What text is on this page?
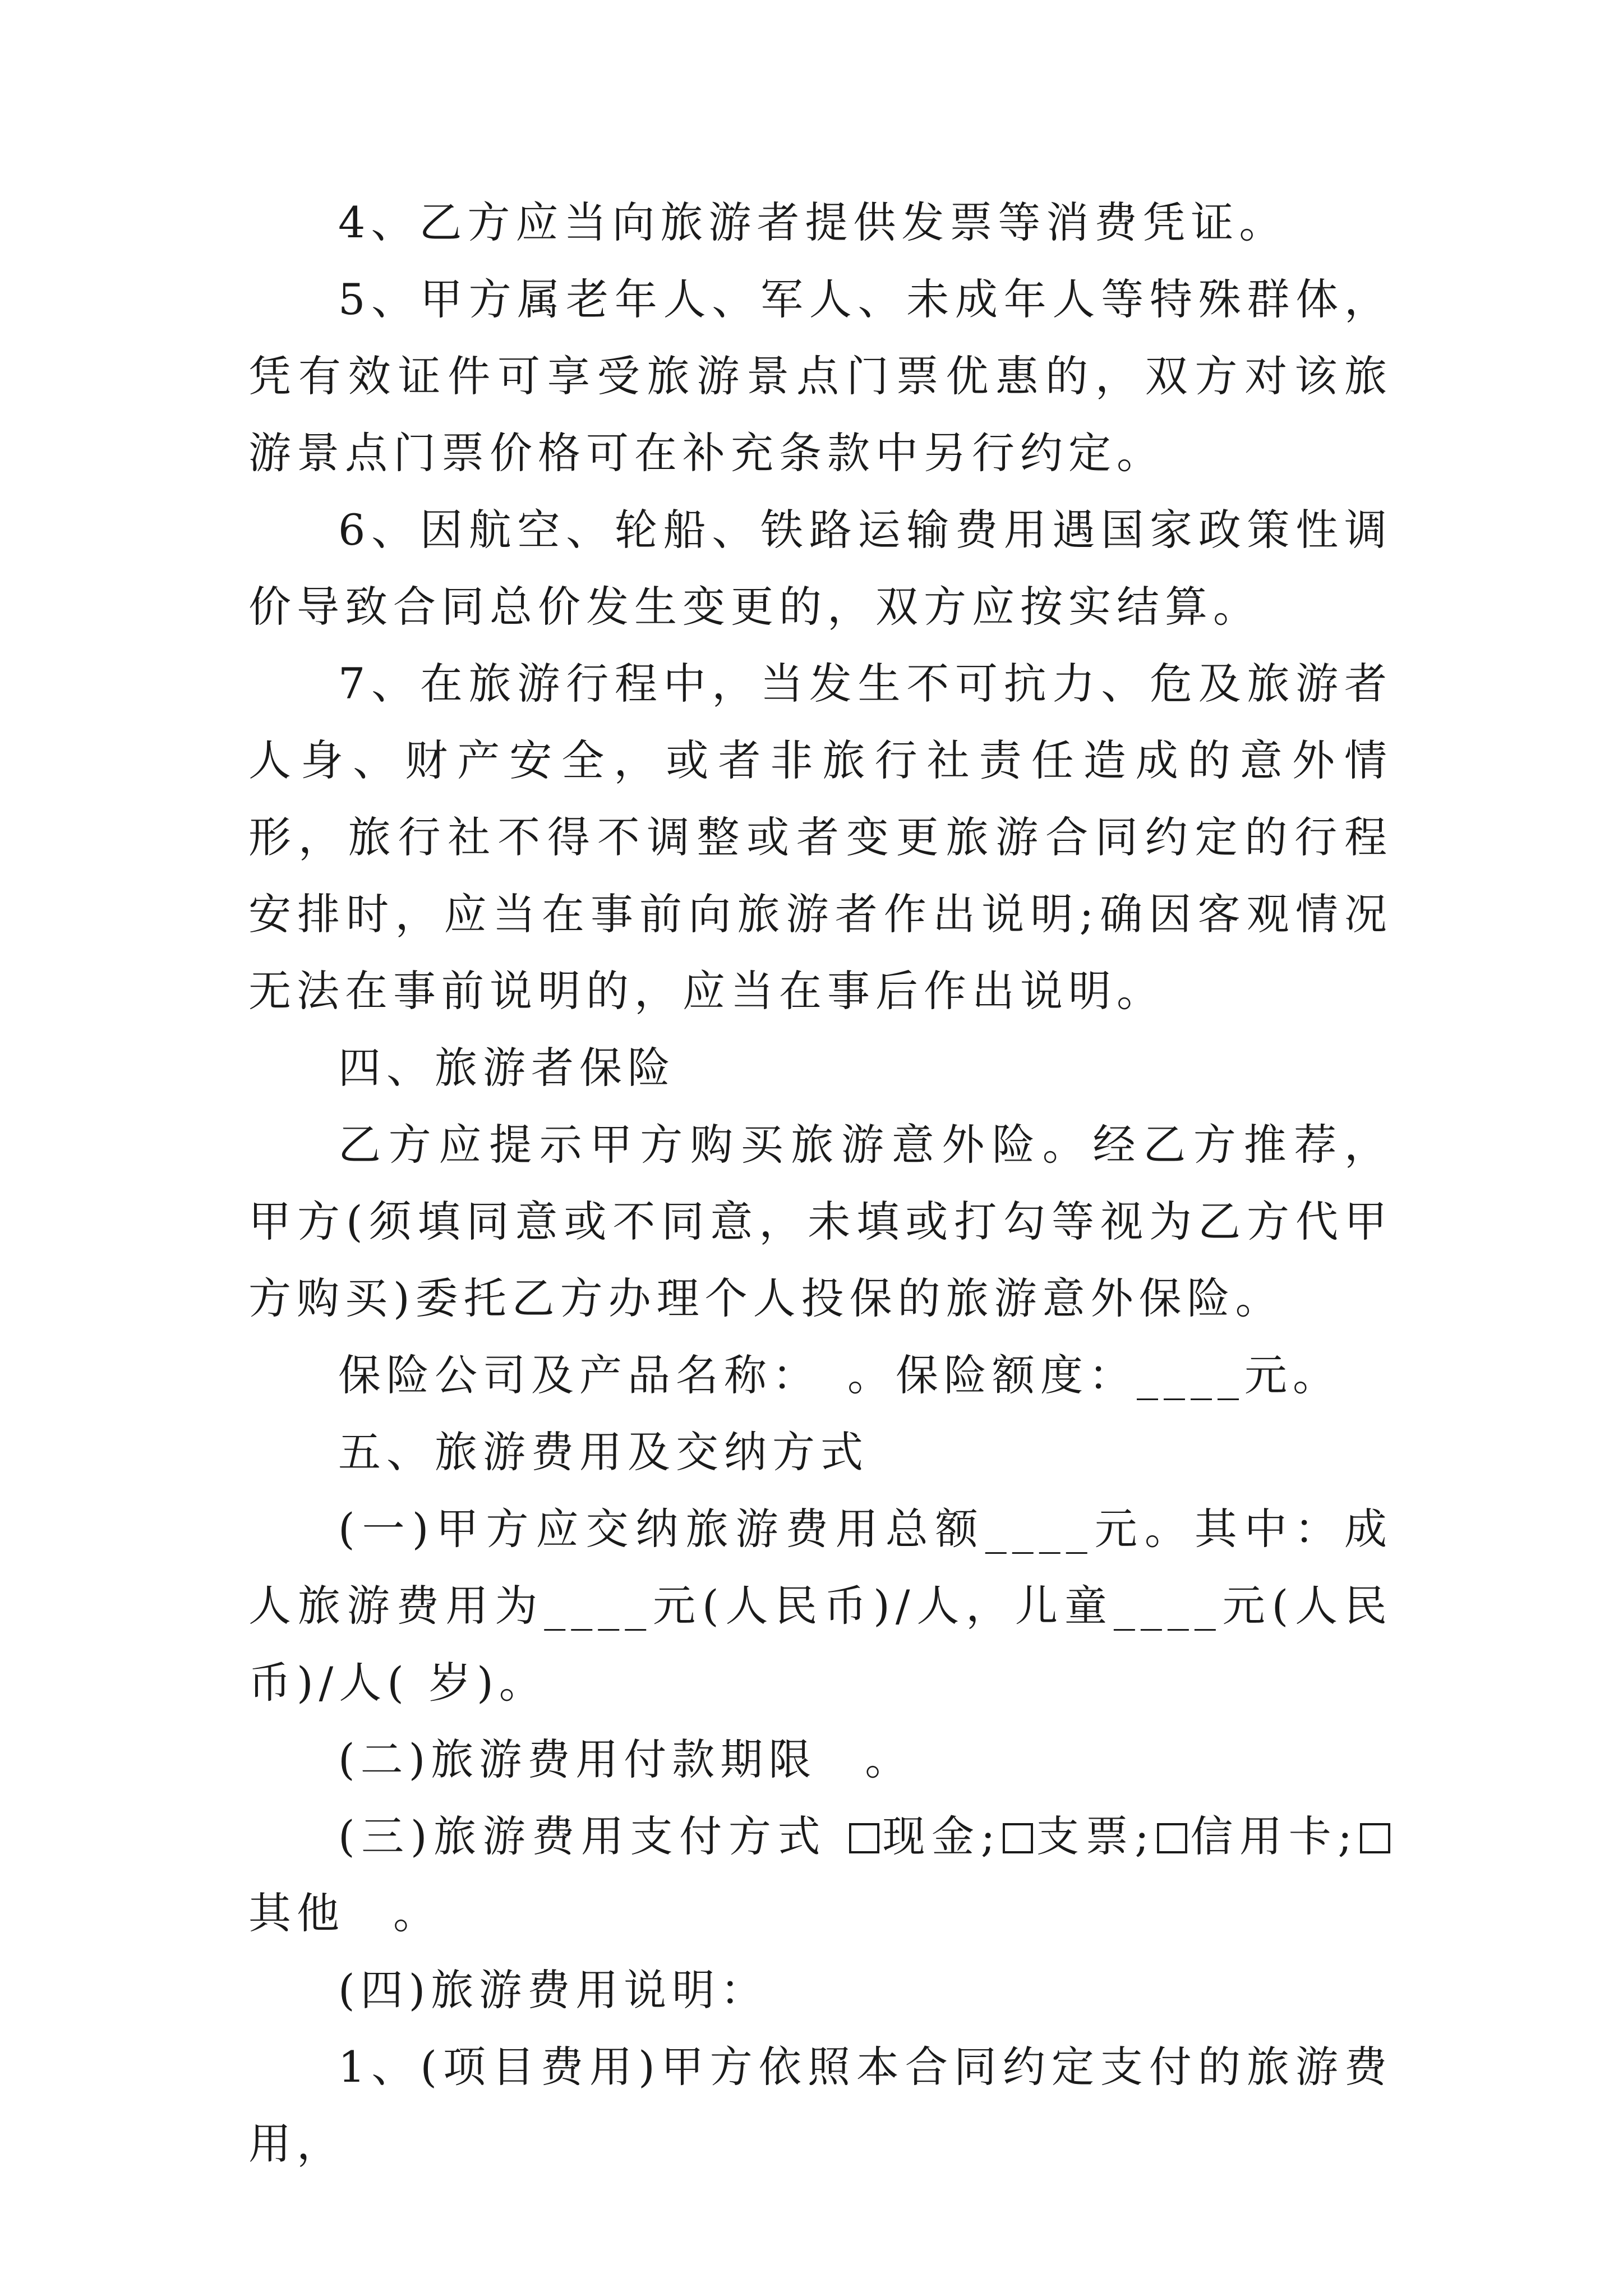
4、乙方应当向旅游者提供发票等消费凭证。

5、甲方属老年人、军人、未成年人等特殊群体，凭有效证件可享受旅游景点门票优惠的，双方对该旅游景点门票价格可在补充条款中另行约定。

6、因航空、轮船、铁路运输费用遇国家政策性调价导致合同总价发生变更的，双方应按实结算。

7、在旅游行程中，当发生不可抗力、危及旅游者人身、财产安全，或者非旅行社责任造成的意外情形，旅行社不得不调整或者变更旅游合同约定的行程安排时，应当在事前向旅游者作出说明;确因客观情况无法在事前说明的，应当在事后作出说明。

四、旅游者保险

乙方应提示甲方购买旅游意外险。经乙方推荐，甲方(须填同意或不同意，未填或打勾等视为乙方代甲方购买)委托乙方办理个人投保的旅游意外保险。

保险公司及产品名称：　。保险额度：____元。

五、旅游费用及交纳方式

(一)甲方应交纳旅游费用总额____元。其中：成人旅游费用为____元(人民币)/人，儿童____元(人民币)/人( 岁)。

(二)旅游费用付款期限　。

(三)旅游费用支付方式 现金; 支票; 信用卡;其他　。

(四)旅游费用说明：

1、(项目费用)甲方依照本合同约定支付的旅游费用，
